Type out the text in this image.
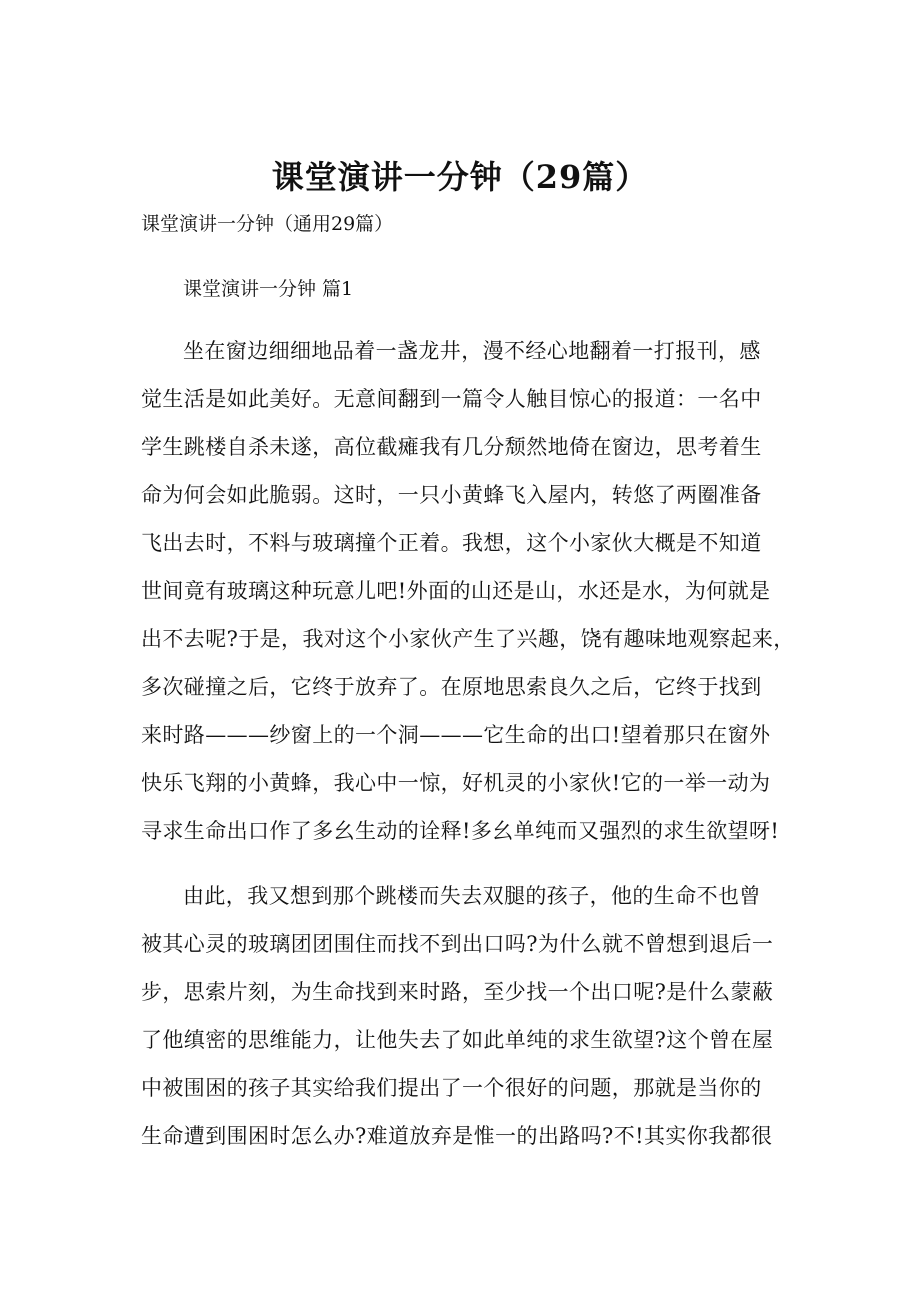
课堂演讲一分钟（29篇）
课堂演讲一分钟（通用29篇）
课堂演讲一分钟 篇1
坐在窗边细细地品着一盏龙井，漫不经心地翻着一打报刊，感
觉生活是如此美好。无意间翻到一篇令人触目惊心的报道：一名中
学生跳楼自杀未遂，高位截瘫我有几分颓然地倚在窗边，思考着生
命为何会如此脆弱。这时，一只小黄蜂飞入屋内，转悠了两圈准备
飞出去时，不料与玻璃撞个正着。我想，这个小家伙大概是不知道
世间竟有玻璃这种玩意儿吧!外面的山还是山，水还是水，为何就是
出不去呢?于是，我对这个小家伙产生了兴趣，饶有趣味地观察起来，
多次碰撞之后，它终于放弃了。在原地思索良久之后，它终于找到
来时路———纱窗上的一个洞———它生命的出口!望着那只在窗外
快乐飞翔的小黄蜂，我心中一惊，好机灵的小家伙!它的一举一动为
寻求生命出口作了多幺生动的诠释!多幺单纯而又强烈的求生欲望呀!
由此，我又想到那个跳楼而失去双腿的孩子，他的生命不也曾
被其心灵的玻璃团团围住而找不到出口吗?为什么就不曾想到退后一
步，思索片刻，为生命找到来时路，至少找一个出口呢?是什么蒙蔽
了他缜密的思维能力，让他失去了如此单纯的求生欲望?这个曾在屋
中被围困的孩子其实给我们提出了一个很好的问题，那就是当你的
生命遭到围困时怎么办?难道放弃是惟一的出路吗?不!其实你我都很
